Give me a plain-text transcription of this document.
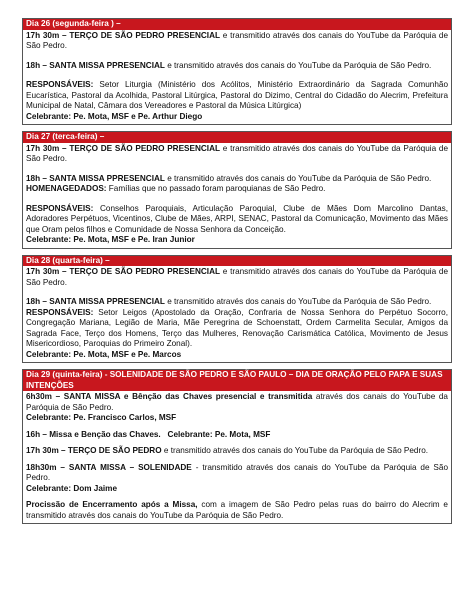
Dia 26 (segunda-feira ) –

17h 30m – TERÇO DE SÃO PEDRO PRESENCIAL e transmitido através dos canais do YouTube da Paróquia de São Pedro.

18h – SANTA MISSA PPRESENCIAL e transmitido através dos canais do YouTube da Paróquia de São Pedro.

RESPONSÁVEIS: Setor Liturgia (Ministério dos Acólitos, Ministério Extraordinário da Sagrada Comunhão Eucarística, Pastoral da Acolhida, Pastoral Litúrgica, Pastoral do Dizimo, Central do Cidadão do Alecrim, Prefeitura Municipal de Natal, Câmara dos Vereadores e Pastoral da Música Litúrgica)

Celebrante: Pe. Mota, MSF e Pe. Arthur Diego

Dia 27 (terca-feira) –

17h 30m – TERÇO DE SÃO PEDRO PRESENCIAL e transmitido através dos canais do YouTube da Paróquia de São Pedro.

18h – SANTA MISSA PPRESENCIAL e transmitido através dos canais do YouTube da Paróquia de São Pedro.

HOMENAGEDADOS: Famílias que no passado foram paroquianas de São Pedro.

RESPONSÁVEIS: Conselhos Paroquiais, Articulação Paroquial, Clube de Mães Dom Marcolino Dantas, Adoradores Perpétuos, Vicentinos, Clube de Mães, ARPI, SENAC, Pastoral da Comunicação, Movimento das Mães que Oram pelos filhos e Comunidade de Nossa Senhora da Conceição.

Celebrante: Pe. Mota, MSF e Pe. Iran Junior

Dia 28 (quarta-feira) –

17h 30m – TERÇO DE SÃO PEDRO PRESENCIAL e transmitido através dos canais do YouTube da Paróquia de São Pedro.

18h – SANTA MISSA PPRESENCIAL e transmitido através dos canais do YouTube da Paróquia de São Pedro.

RESPONSÁVEIS: Setor Leigos (Apostolado da Oração, Confraria de Nossa Senhora do Perpétuo Socorro, Congregação Mariana, Legião de Maria, Mãe Peregrina de Schoenstatt, Ordem Carmelita Secular, Amigos da Sagrada Face, Terço dos Homens, Terço das Mulheres, Renovação Carismática Católica, Movimento de Jesus Misericordioso, Paroquias do Primeiro Zonal).

Celebrante: Pe. Mota, MSF e Pe. Marcos

Dia 29 (quinta-feira) - SOLENIDADE DE SÃO PEDRO E SÃO PAULO – DIA DE ORAÇÃO PELO PAPA E SUAS INTENÇÕES

6h30m – SANTA MISSA e Bênção das Chaves presencial e transmitida através dos canais do YouTube da Paróquia de São Pedro.

Celebrante: Pe. Francisco Carlos, MSF

16h – Missa e Benção das Chaves. Celebrante: Pe. Mota, MSF

17h 30m – TERÇO DE SÃO PEDRO e transmitido através dos canais do YouTube da Paróquia de São Pedro.

18h30m – SANTA MISSA – SOLENIDADE - transmitido através dos canais do YouTube da Paróquia de São Pedro.

Celebrante: Dom Jaime

Procissão de Encerramento após a Missa, com a imagem de São Pedro pelas ruas do bairro do Alecrim e transmitido através dos canais do YouTube da Paróquia de São Pedro.
